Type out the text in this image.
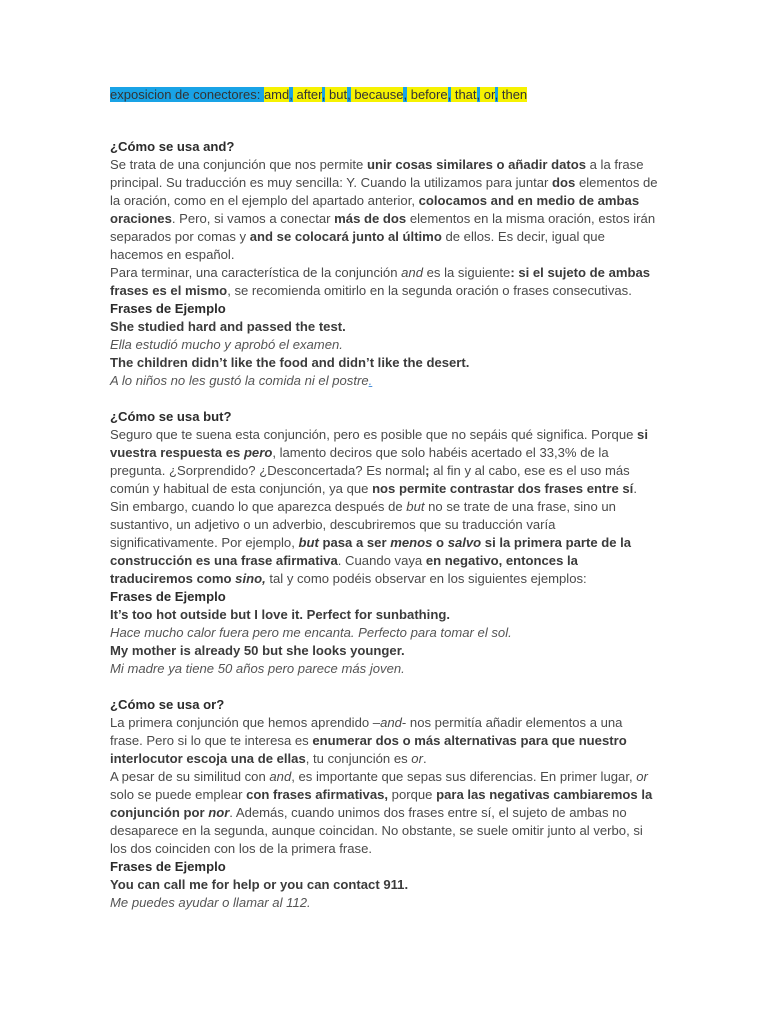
exposicion de conectores: amd, after, but, because, before, that, or, then

¿Cómo se usa and?

Se trata de una conjunción que nos permite unir cosas similares o añadir datos a la frase principal. Su traducción es muy sencilla: Y. Cuando la utilizamos para juntar dos elementos de la oración, como en el ejemplo del apartado anterior, colocamos and en medio de ambas oraciones. Pero, si vamos a conectar más de dos elementos en la misma oración, estos irán separados por comas y and se colocará junto al último de ellos. Es decir, igual que hacemos en español.

Para terminar, una característica de la conjunción and es la siguiente: si el sujeto de ambas frases es el mismo, se recomienda omitirlo en la segunda oración o frases consecutivas.

Frases de Ejemplo

She studied hard and passed the test.

Ella estudió mucho y aprobó el examen.

The children didn’t like the food and didn’t like the desert.

A lo niños no les gustó la comida ni el postre.

¿Cómo se usa but?

Seguro que te suena esta conjunción, pero es posible que no sepáis qué significa. Porque si vuestra respuesta es pero, lamento deciros que solo habéis acertado el 33,3% de la pregunta. ¿Sorprendido? ¿Desconcertada? Es normal; al fin y al cabo, ese es el uso más común y habitual de esta conjunción, ya que nos permite contrastar dos frases entre sí.

Sin embargo, cuando lo que aparezca después de but no se trate de una frase, sino un sustantivo, un adjetivo o un adverbio, descubriremos que su traducción varía significativamente. Por ejemplo, but pasa a ser menos o salvo si la primera parte de la construcción es una frase afirmativa. Cuando vaya en negativo, entonces la traduciremos como sino, tal y como podéis observar en los siguientes ejemplos:

Frases de Ejemplo

It’s too hot outside but I love it. Perfect for sunbathing.

Hace mucho calor fuera pero me encanta. Perfecto para tomar el sol.

My mother is already 50 but she looks younger.

Mi madre ya tiene 50 años pero parece más joven.

¿Cómo se usa or?

La primera conjunción que hemos aprendido –and- nos permitía añadir elementos a una frase. Pero si lo que te interesa es enumerar dos o más alternativas para que nuestro interlocutor escoja una de ellas, tu conjunción es or.

A pesar de su similitud con and, es importante que sepas sus diferencias. En primer lugar, or solo se puede emplear con frases afirmativas, porque para las negativas cambiaremos la conjunción por nor. Además, cuando unimos dos frases entre sí, el sujeto de ambas no desaparece en la segunda, aunque coincidan. No obstante, se suele omitir junto al verbo, si los dos coinciden con los de la primera frase.

Frases de Ejemplo

You can call me for help or you can contact 911.

Me puedes ayudar o llamar al 112.
